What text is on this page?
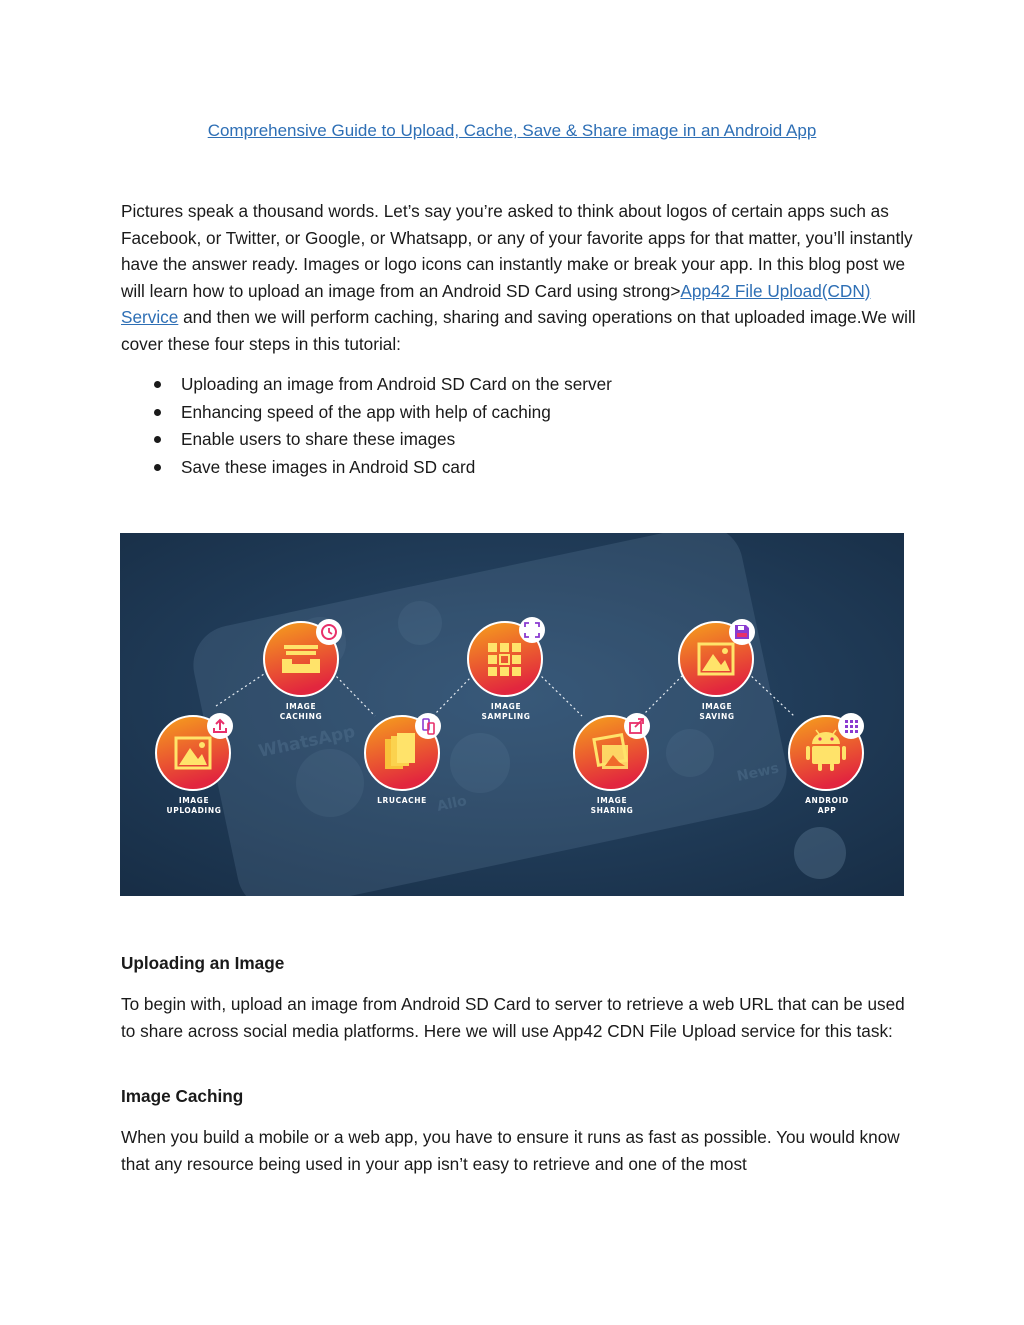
Comprehensive Guide to Upload, Cache, Save & Share image in an Android App

Pictures speak a thousand words. Let’s say you’re asked to think about logos of certain apps such as Facebook, or Twitter, or Google, or Whatsapp, or any of your favorite apps for that matter, you’ll instantly have the answer ready. Images or logo icons can instantly make or break your app. In this blog post we will learn how to upload an image from an Android SD Card using strong>App42 File Upload(CDN) Service and then we will perform caching, sharing and saving operations on that uploaded image.We will cover these four steps in this tutorial:

Uploading an image from Android SD Card on the server
Enhancing speed of the app with help of caching
Enable users to share these images
Save these images in Android SD card
WhatsApp
Allo
News
IMAGE
UPLOADING
IMAGE
CACHING
LRUCACHE
IMAGE
SAMPLING
IMAGE
SHARING
IMAGE
SAVING
ANDROID
APP
Uploading an Image

To begin with, upload an image from Android SD Card to server to retrieve a web URL that can be used to share across social media platforms. Here we will use App42 CDN File Upload service for this task:

Image Caching

When you build a mobile or a web app, you have to ensure it runs as fast as possible. You would know that any resource being used in your app isn’t easy to retrieve and one of the most
